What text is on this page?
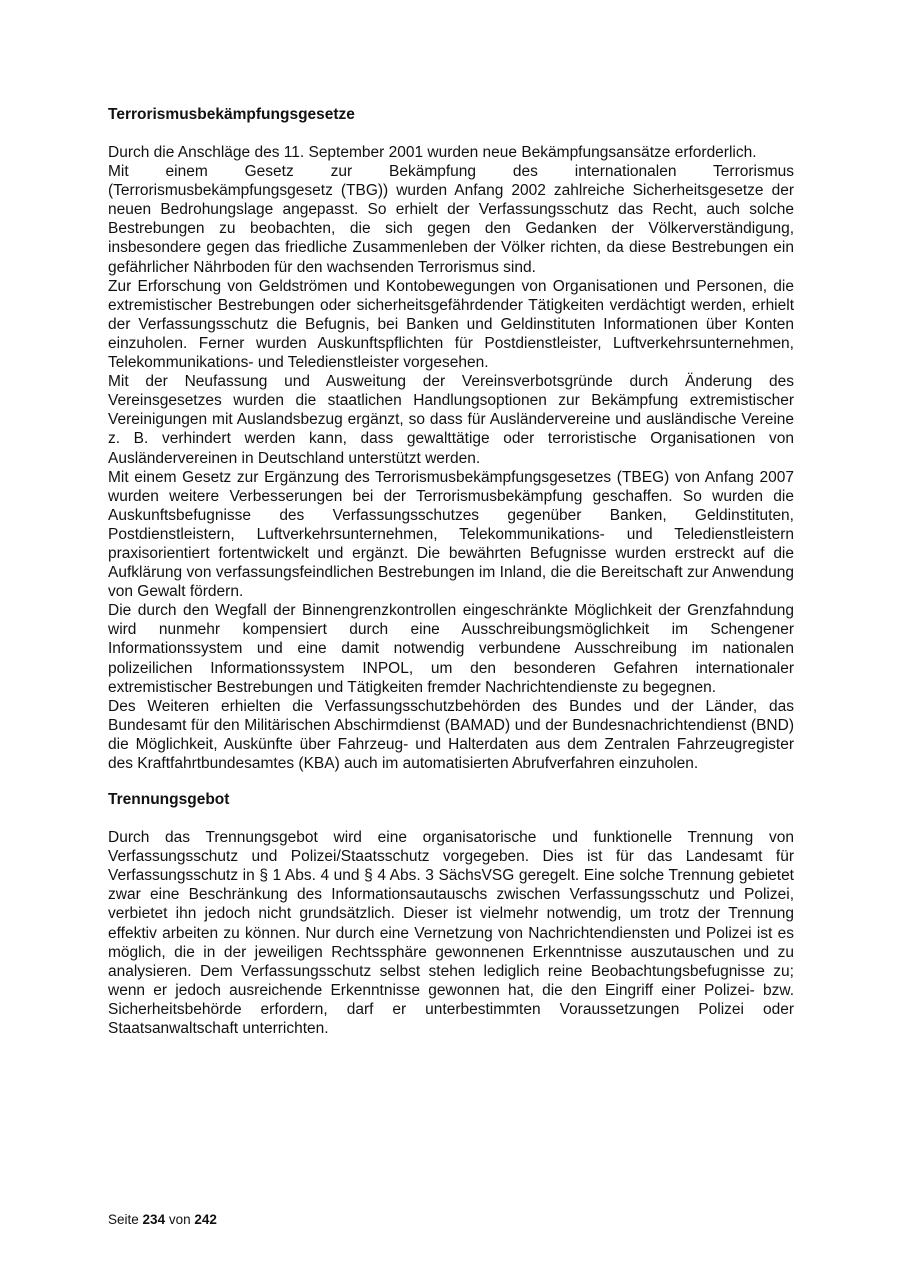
Terrorismusbekämpfungsgesetze

Durch die Anschläge des 11. September 2001 wurden neue Bekämpfungsansätze erforderlich.

Mit einem Gesetz zur Bekämpfung des internationalen Terrorismus (Terrorismusbekämpfungsgesetz (TBG)) wurden Anfang 2002 zahlreiche Sicherheitsgesetze der neuen Bedrohungslage angepasst. So erhielt der Verfassungsschutz das Recht, auch solche Bestrebungen zu beobachten, die sich gegen den Gedanken der Völkerverständigung, insbesondere gegen das friedliche Zusammenleben der Völker richten, da diese Bestrebungen ein gefährlicher Nährboden für den wachsenden Terrorismus sind.

Zur Erforschung von Geldströmen und Kontobewegungen von Organisationen und Personen, die extremistischer Bestrebungen oder sicherheitsgefährdender Tätigkeiten verdächtigt werden, erhielt der Verfassungsschutz die Befugnis, bei Banken und Geldinstituten Informationen über Konten einzuholen. Ferner wurden Auskunftspflichten für Postdienstleister, Luftverkehrsunternehmen, Telekommunikations- und Teledienstleister vorgesehen.

Mit der Neufassung und Ausweitung der Vereinsverbotsgründe durch Änderung des Vereinsgesetzes wurden die staatlichen Handlungsoptionen zur Bekämpfung extremistischer Vereinigungen mit Auslandsbezug ergänzt, so dass für Ausländervereine und ausländische Vereine z. B. verhindert werden kann, dass gewalttätige oder terroristische Organisationen von Ausländervereinen in Deutschland unterstützt werden.

Mit einem Gesetz zur Ergänzung des Terrorismusbekämpfungsgesetzes (TBEG) von Anfang 2007 wurden weitere Verbesserungen bei der Terrorismusbekämpfung geschaffen. So wurden die Auskunftsbefugnisse des Verfassungsschutzes gegenüber Banken, Geldinstituten, Postdienstleistern, Luftverkehrsunternehmen, Telekommunikations- und Teledienstleistern praxisorientiert fortentwickelt und ergänzt. Die bewährten Befugnisse wurden erstreckt auf die Aufklärung von verfassungsfeindlichen Bestrebungen im Inland, die die Bereitschaft zur Anwendung von Gewalt fördern.

Die durch den Wegfall der Binnengrenzkontrollen eingeschränkte Möglichkeit der Grenzfahndung wird nunmehr kompensiert durch eine Ausschreibungsmöglichkeit im Schengener Informationssystem und eine damit notwendig verbundene Ausschreibung im nationalen polizeilichen Informationssystem INPOL, um den besonderen Gefahren internationaler extremistischer Bestrebungen und Tätigkeiten fremder Nachrichtendienste zu begegnen.

Des Weiteren erhielten die Verfassungsschutzbehörden des Bundes und der Länder, das Bundesamt für den Militärischen Abschirmdienst (BAMAD) und der Bundesnachrichtendienst (BND) die Möglichkeit, Auskünfte über Fahrzeug- und Halterdaten aus dem Zentralen Fahrzeugregister des Kraftfahrtbundesamtes (KBA) auch im automatisierten Abrufverfahren einzuholen.

Trennungsgebot

Durch das Trennungsgebot wird eine organisatorische und funktionelle Trennung von Verfassungsschutz und Polizei/Staatsschutz vorgegeben. Dies ist für das Landesamt für Verfassungsschutz in § 1 Abs. 4 und § 4 Abs. 3 SächsVSG geregelt. Eine solche Trennung gebietet zwar eine Beschränkung des Informationsautauschs zwischen Verfassungsschutz und Polizei, verbietet ihn jedoch nicht grundsätzlich. Dieser ist vielmehr notwendig, um trotz der Trennung effektiv arbeiten zu können. Nur durch eine Vernetzung von Nachrichtendiensten und Polizei ist es möglich, die in der jeweiligen Rechtssphäre gewonnenen Erkenntnisse auszutauschen und zu analysieren. Dem Verfassungsschutz selbst stehen lediglich reine Beobachtungsbefugnisse zu; wenn er jedoch ausreichende Erkenntnisse gewonnen hat, die den Eingriff einer Polizei- bzw. Sicherheitsbehörde erfordern, darf er unterbestimmten Voraussetzungen Polizei oder Staatsanwaltschaft unterrichten.

Seite 234 von 242
